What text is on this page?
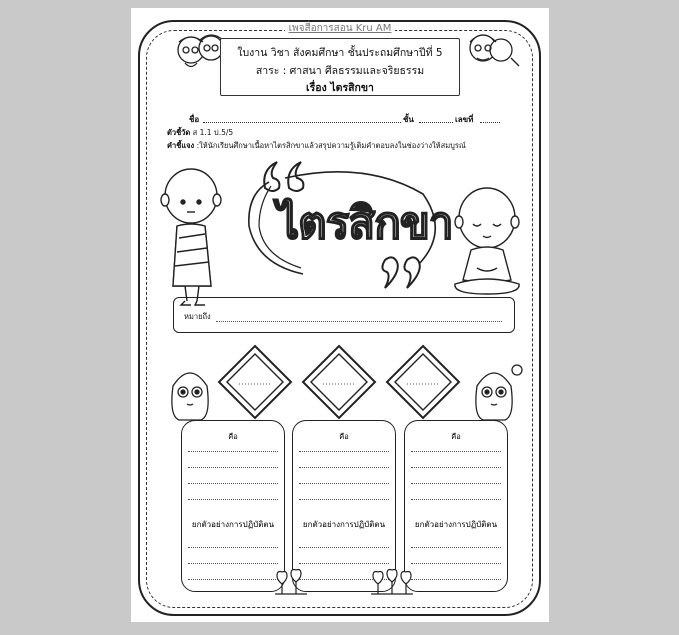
เพจสื่อการสอน Kru AM
ใบงาน วิชา สังคมศึกษา ชั้นประถมศึกษาปีที่ 5
สาระ : ศาสนา ศีลธรรมและจริยธรรม
เรื่อง ไตรสิกขา
ชื่อ	ชั้น	เลขที่
ตัวชี้วัด ส 1.1 ป.5/5
คำชี้แจง :ให้นักเรียนศึกษาเนื้อหาไตรสิกขาแล้วสรุปความรู้เติมคำตอบลงในช่องว่างให้สมบูรณ์
ไตรสิกขา
หมายถึง
คือ
ยกตัวอย่างการปฏิบัติตน
คือ
ยกตัวอย่างการปฏิบัติตน
คือ
ยกตัวอย่างการปฏิบัติตน
